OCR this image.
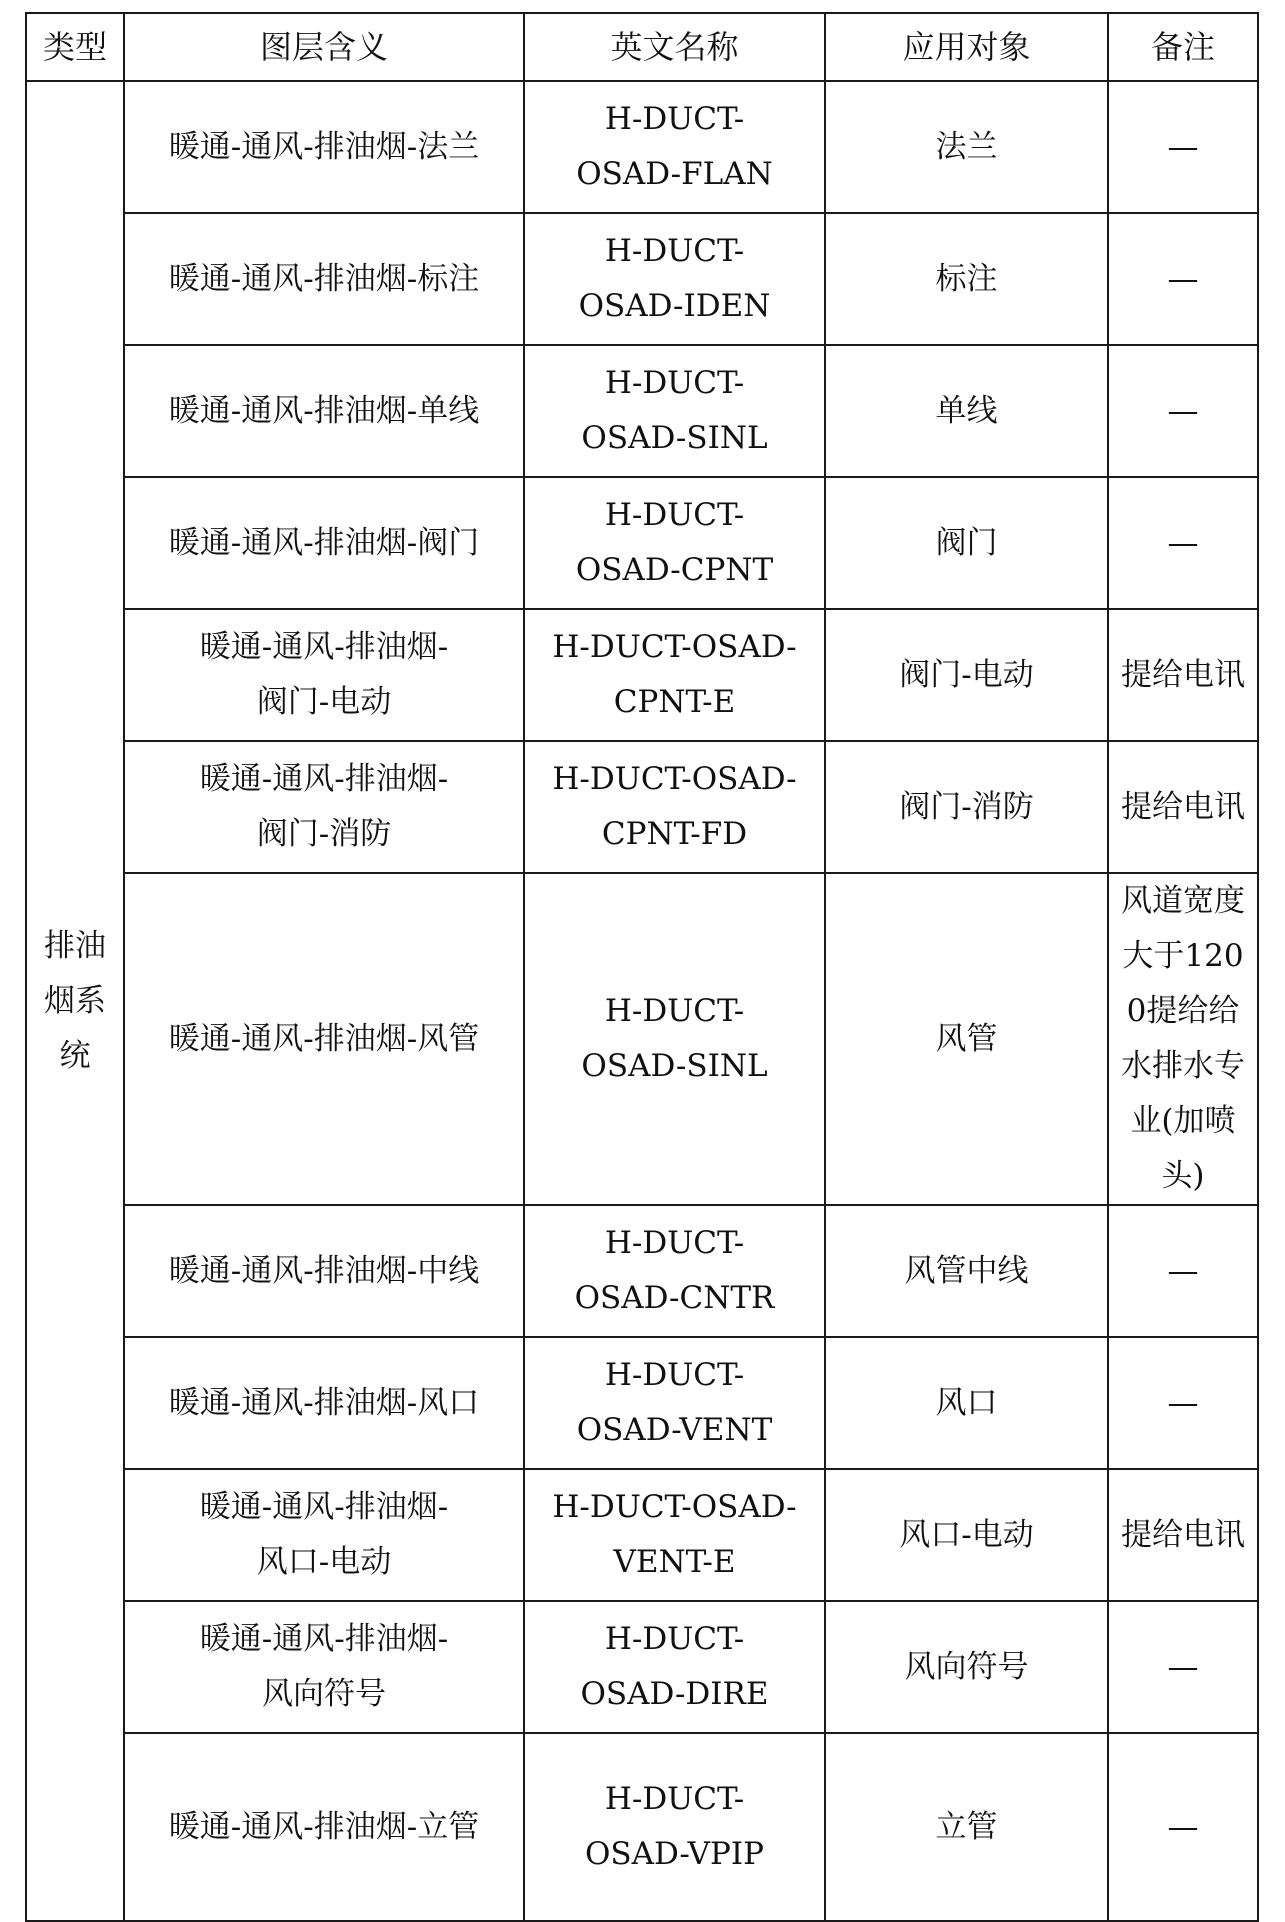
类型	图层含义	英文名称	应用对象	备注
排油烟系统	暖通-通风-排油烟-法兰	H-DUCT-
OSAD-FLAN	法兰	—

	暖通-通风-排油烟-标注	H-DUCT-
OSAD-IDEN	标注	—

	暖通-通风-排油烟-单线	H-DUCT-
OSAD-SINL	单线	—

	暖通-通风-排油烟-阀门	H-DUCT-
OSAD-CPNT	阀门	—

	暖通-通风-排油烟-
阀门-电动	H-DUCT-OSAD-
CPNT-E	阀门-电动	提给电讯

	暖通-通风-排油烟-
阀门-消防	H-DUCT-OSAD-
CPNT-FD	阀门-消防	提给电讯

	暖通-通风-排油烟-风管	H-DUCT-
OSAD-SINL	风管	风道宽度大于1200提给给水排水专业(加喷头)

	暖通-通风-排油烟-中线	H-DUCT-
OSAD-CNTR	风管中线	—

	暖通-通风-排油烟-风口	H-DUCT-
OSAD-VENT	风口	—

	暖通-通风-排油烟-
风口-电动	H-DUCT-OSAD-
VENT-E	风口-电动	提给电讯

	暖通-通风-排油烟-
风向符号	H-DUCT-
OSAD-DIRE	风向符号	—

	暖通-通风-排油烟-立管	H-DUCT-
OSAD-VPIP	立管	—
